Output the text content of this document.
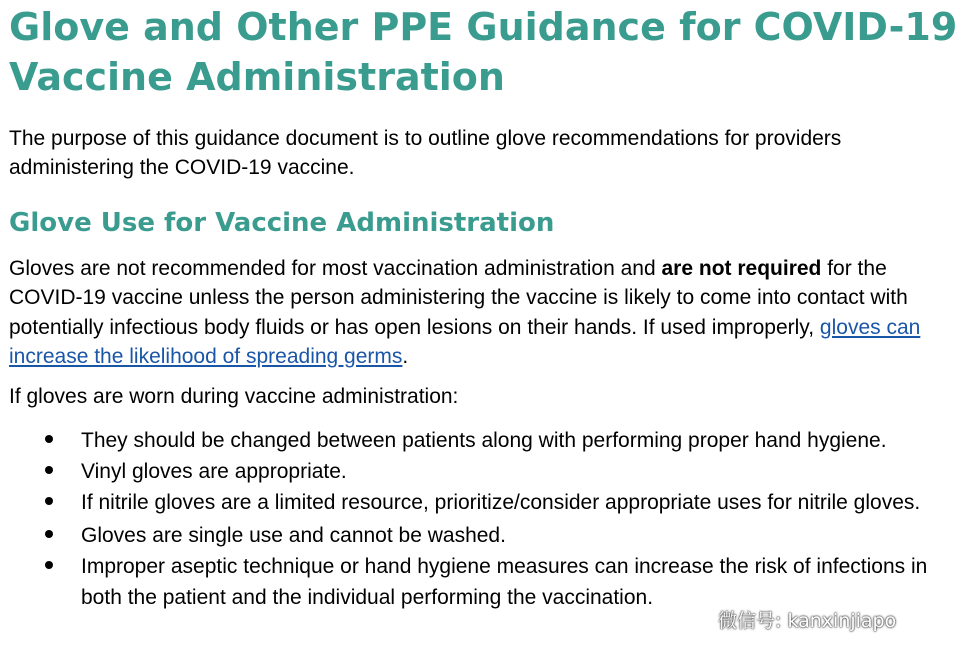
Glove and Other PPE Guidance for COVID-19 Vaccine Administration

The purpose of this guidance document is to outline glove recommendations for providers administering the COVID-19 vaccine.

Glove Use for Vaccine Administration

Gloves are not recommended for most vaccination administration and are not required for the COVID-19 vaccine unless the person administering the vaccine is likely to come into contact with potentially infectious body fluids or has open lesions on their hands. If used improperly, gloves can increase the likelihood of spreading germs.

If gloves are worn during vaccine administration:

They should be changed between patients along with performing proper hand hygiene.
Vinyl gloves are appropriate.
If nitrile gloves are a limited resource, prioritize/consider appropriate uses for nitrile gloves.
Gloves are single use and cannot be washed.
Improper aseptic technique or hand hygiene measures can increase the risk of infections in both the patient and the individual performing the vaccination.
微信号: kanxinjiapo
